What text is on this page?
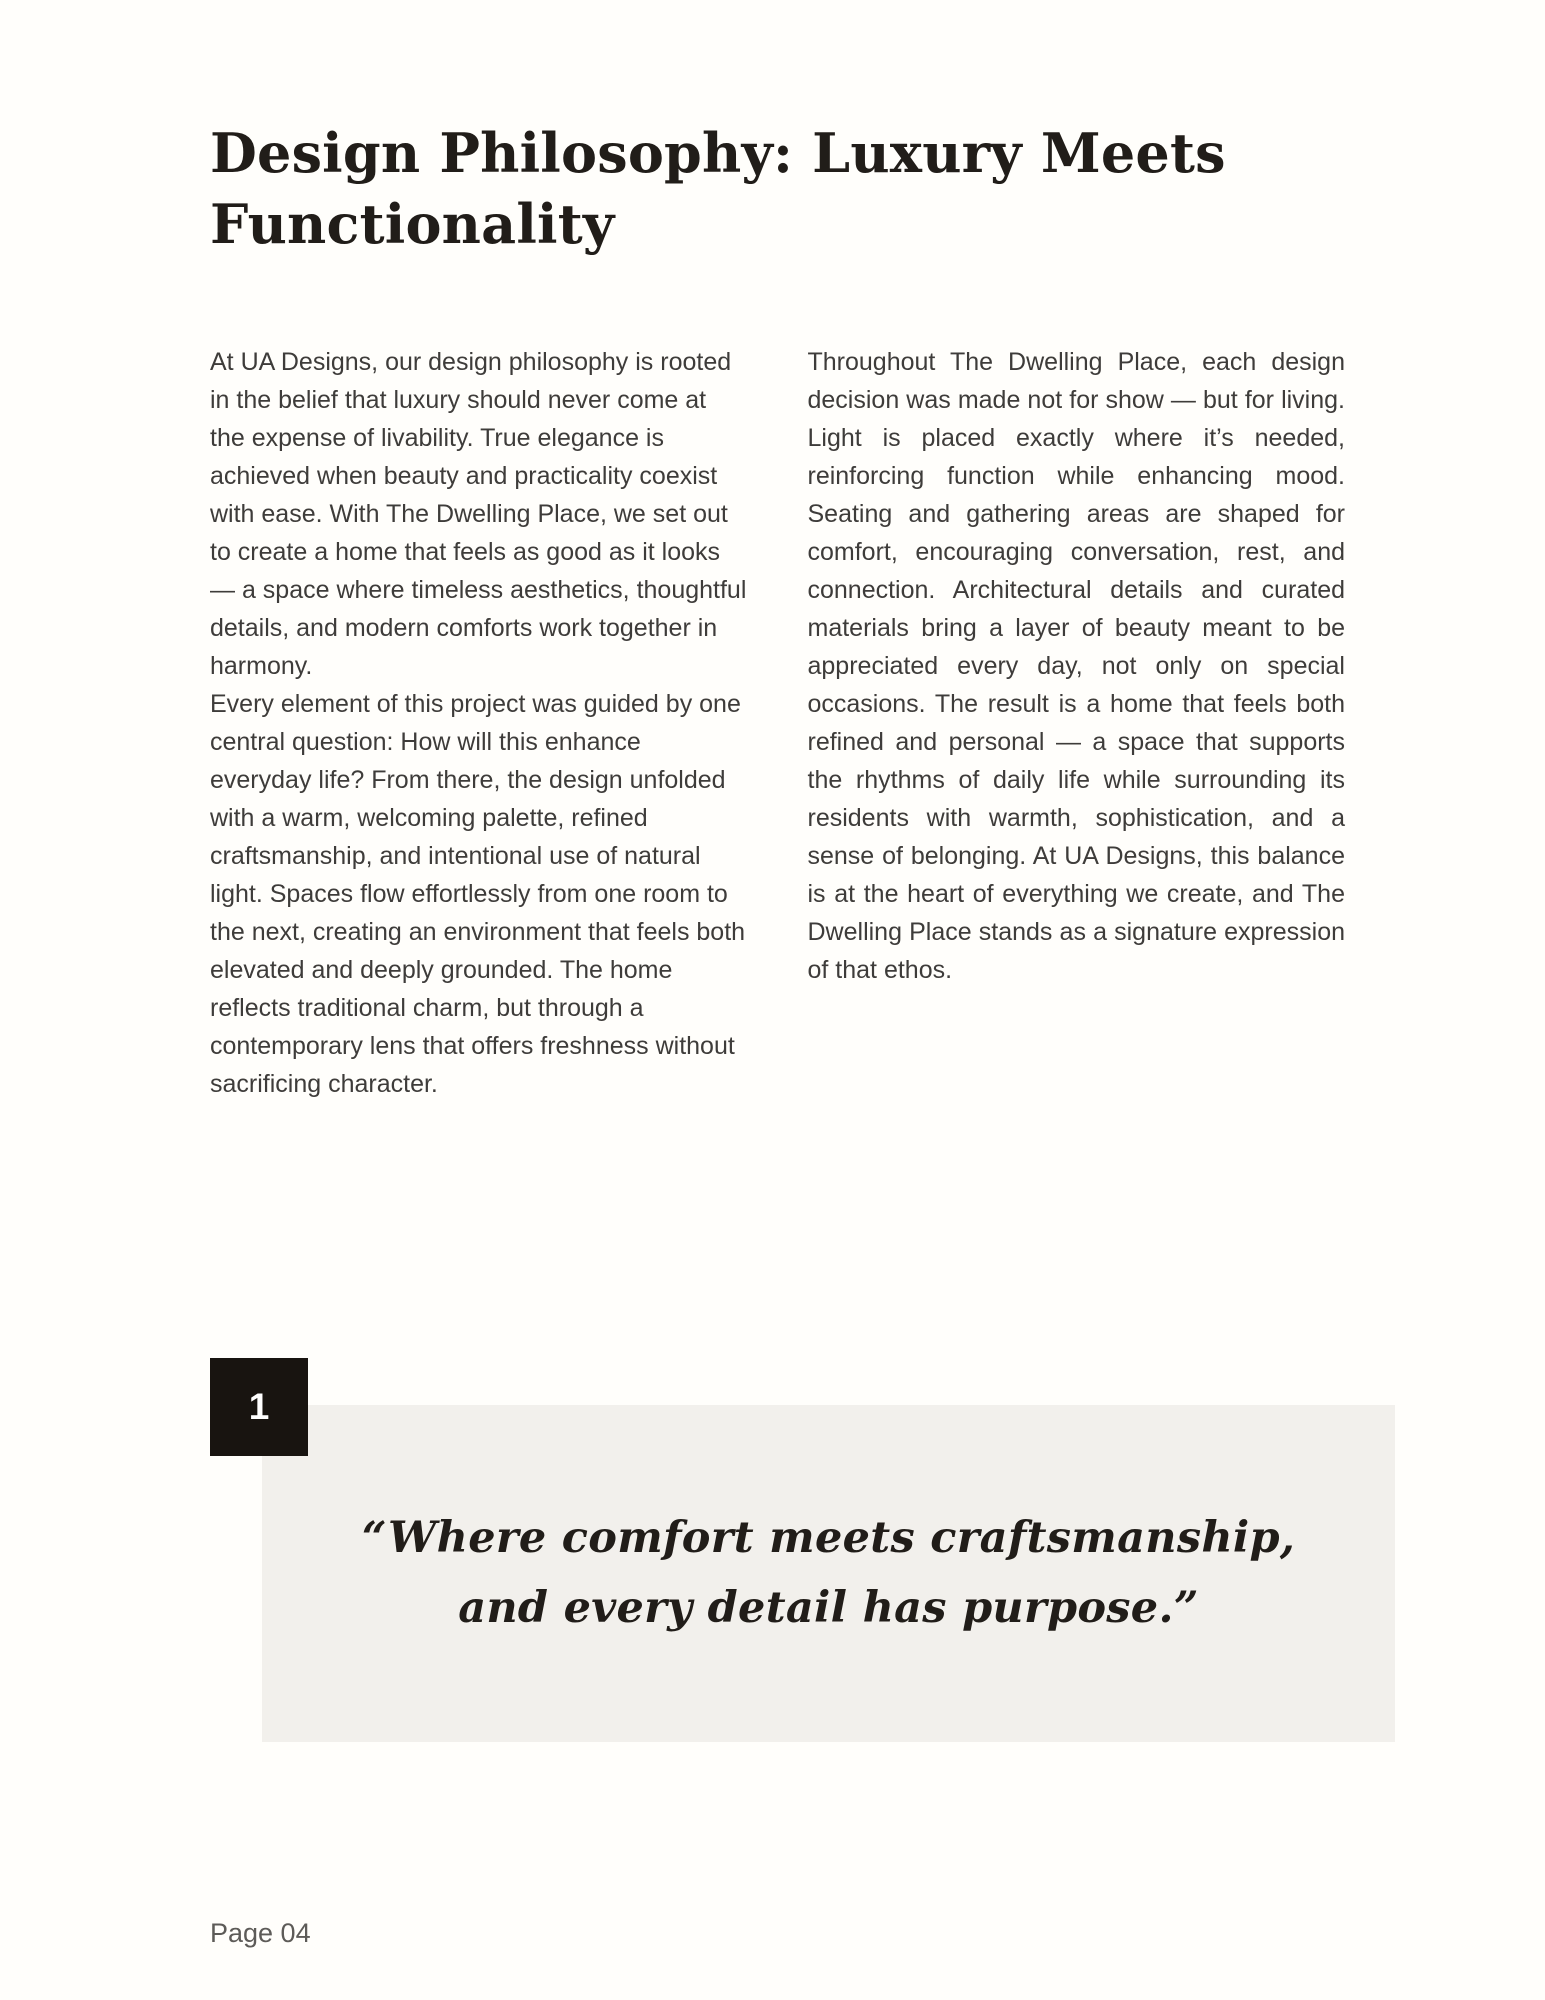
Design Philosophy: Luxury Meets
Functionality

At UA Designs, our design philosophy is rooted in the belief that luxury should never come at the expense of livability. True elegance is achieved when beauty and practicality coexist with ease. With The Dwelling Place, we set out to create a home that feels as good as it looks — a space where timeless aesthetics, thoughtful details, and modern comforts work together in harmony.

Every element of this project was guided by one central question: How will this enhance everyday life? From there, the design unfolded with a warm, welcoming palette, refined craftsmanship, and intentional use of natural light. Spaces flow effortlessly from one room to the next, creating an environment that feels both elevated and deeply grounded. The home reflects traditional charm, but through a contemporary lens that offers freshness without sacrificing character.

Throughout The Dwelling Place, each design decision was made not for show — but for living. Light is placed exactly where it’s needed, reinforcing function while enhancing mood. Seating and gathering areas are shaped for comfort, encouraging conversation, rest, and connection. Architectural details and curated materials bring a layer of beauty meant to be appreciated every day, not only on special occasions. The result is a home that feels both refined and personal — a space that supports the rhythms of daily life while surrounding its residents with warmth, sophistication, and a sense of belonging. At UA Designs, this balance is at the heart of everything we create, and The Dwelling Place stands as a signature expression of that ethos.

1
“Where comfort meets craftsmanship,
and every detail has purpose.”
Page 04
